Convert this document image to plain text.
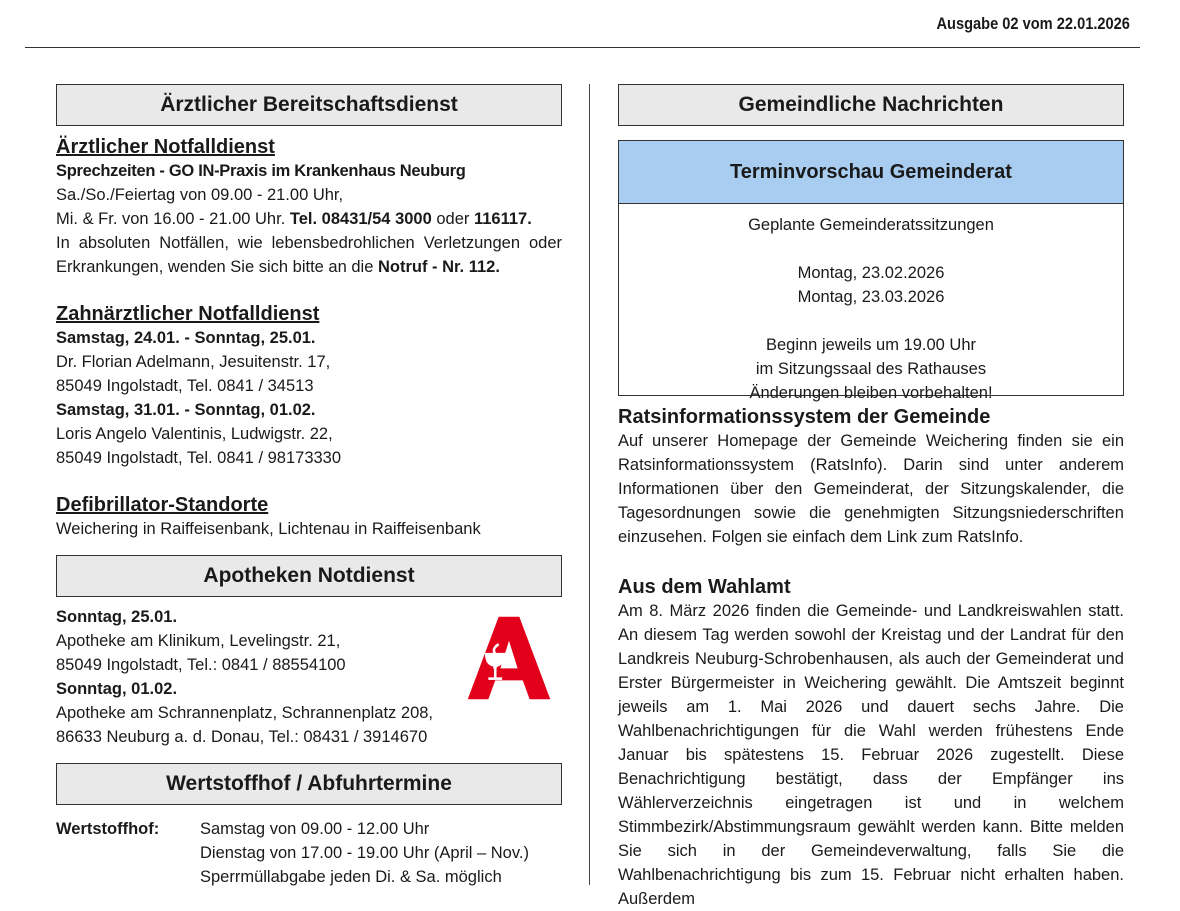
Ausgabe 02 vom 22.01.2026
Ärztlicher Bereitschaftsdienst
Ärztlicher Notfalldienst
Sprechzeiten - GO IN-Praxis im Krankenhaus Neuburg

Sa./So./Feiertag von 09.00 - 21.00 Uhr,

Mi. & Fr. von 16.00 - 21.00 Uhr. Tel. 08431/54 3000 oder 116117.

In absoluten Notfällen, wie lebensbedrohlichen Verletzungen oder Erkrankungen, wenden Sie sich bitte an die Notruf - Nr. 112.

Zahnärztlicher Notfalldienst
Samstag, 24.01. - Sonntag, 25.01.

Dr. Florian Adelmann, Jesuitenstr. 17,

85049 Ingolstadt, Tel. 0841 / 34513

Samstag, 31.01. - Sonntag, 01.02.

Loris Angelo Valentinis, Ludwigstr. 22,

85049 Ingolstadt, Tel. 0841 / 98173330

Defibrillator-Standorte

Weichering in Raiffeisenbank, Lichtenau in Raiffeisenbank

Apotheken Notdienst
Sonntag, 25.01.

Apotheke am Klinikum, Levelingstr. 21,

85049 Ingolstadt, Tel.: 0841 / 88554100

Sonntag, 01.02.

Apotheke am Schrannenplatz, Schrannenplatz 208,

86633 Neuburg a. d. Donau, Tel.: 08431 / 3914670

Wertstoffhof / Abfuhrtermine
Wertstoffhof:	Samstag von 09.00 - 12.00 Uhr

Dienstag von 17.00 - 19.00 Uhr (April – Nov.)

Sperrmüllabgabe jeden Di. & Sa. möglich

Gemeindliche Nachrichten
Terminvorschau Gemeinderat

Geplante Gemeinderatssitzungen

Montag, 23.02.2026

Montag, 23.03.2026

Beginn jeweils um 19.00 Uhr

im Sitzungssaal des Rathauses

Änderungen bleiben vorbehalten!

Ratsinformationssystem der Gemeinde

Auf unserer Homepage der Gemeinde Weichering finden sie ein Ratsinformationssystem (RatsInfo). Darin sind unter anderem Informationen über den Gemeinderat, der Sitzungskalender, die Tagesordnungen sowie die genehmigten Sitzungsniederschriften einzusehen. Folgen sie einfach dem Link zum RatsInfo.

Aus dem Wahlamt

Am 8. März 2026 finden die Gemeinde- und Landkreiswahlen statt. An diesem Tag werden sowohl der Kreistag und der Landrat für den Landkreis Neuburg-Schrobenhausen, als auch der Gemeinderat und Erster Bürgermeister in Weichering gewählt. Die Amtszeit beginnt jeweils am 1. Mai 2026 und dauert sechs Jahre. Die Wahlbenachrichtigungen für die Wahl werden frühestens Ende Januar bis spätestens 15. Februar 2026 zugestellt. Diese Benachrichtigung bestätigt, dass der Empfänger ins Wählerverzeichnis eingetragen ist und in welchem Stimmbezirk/Abstimmungsraum gewählt werden kann. Bitte melden Sie sich in der Gemeindeverwaltung, falls Sie die Wahlbenachrichtigung bis zum 15. Februar nicht erhalten haben. Außerdem
